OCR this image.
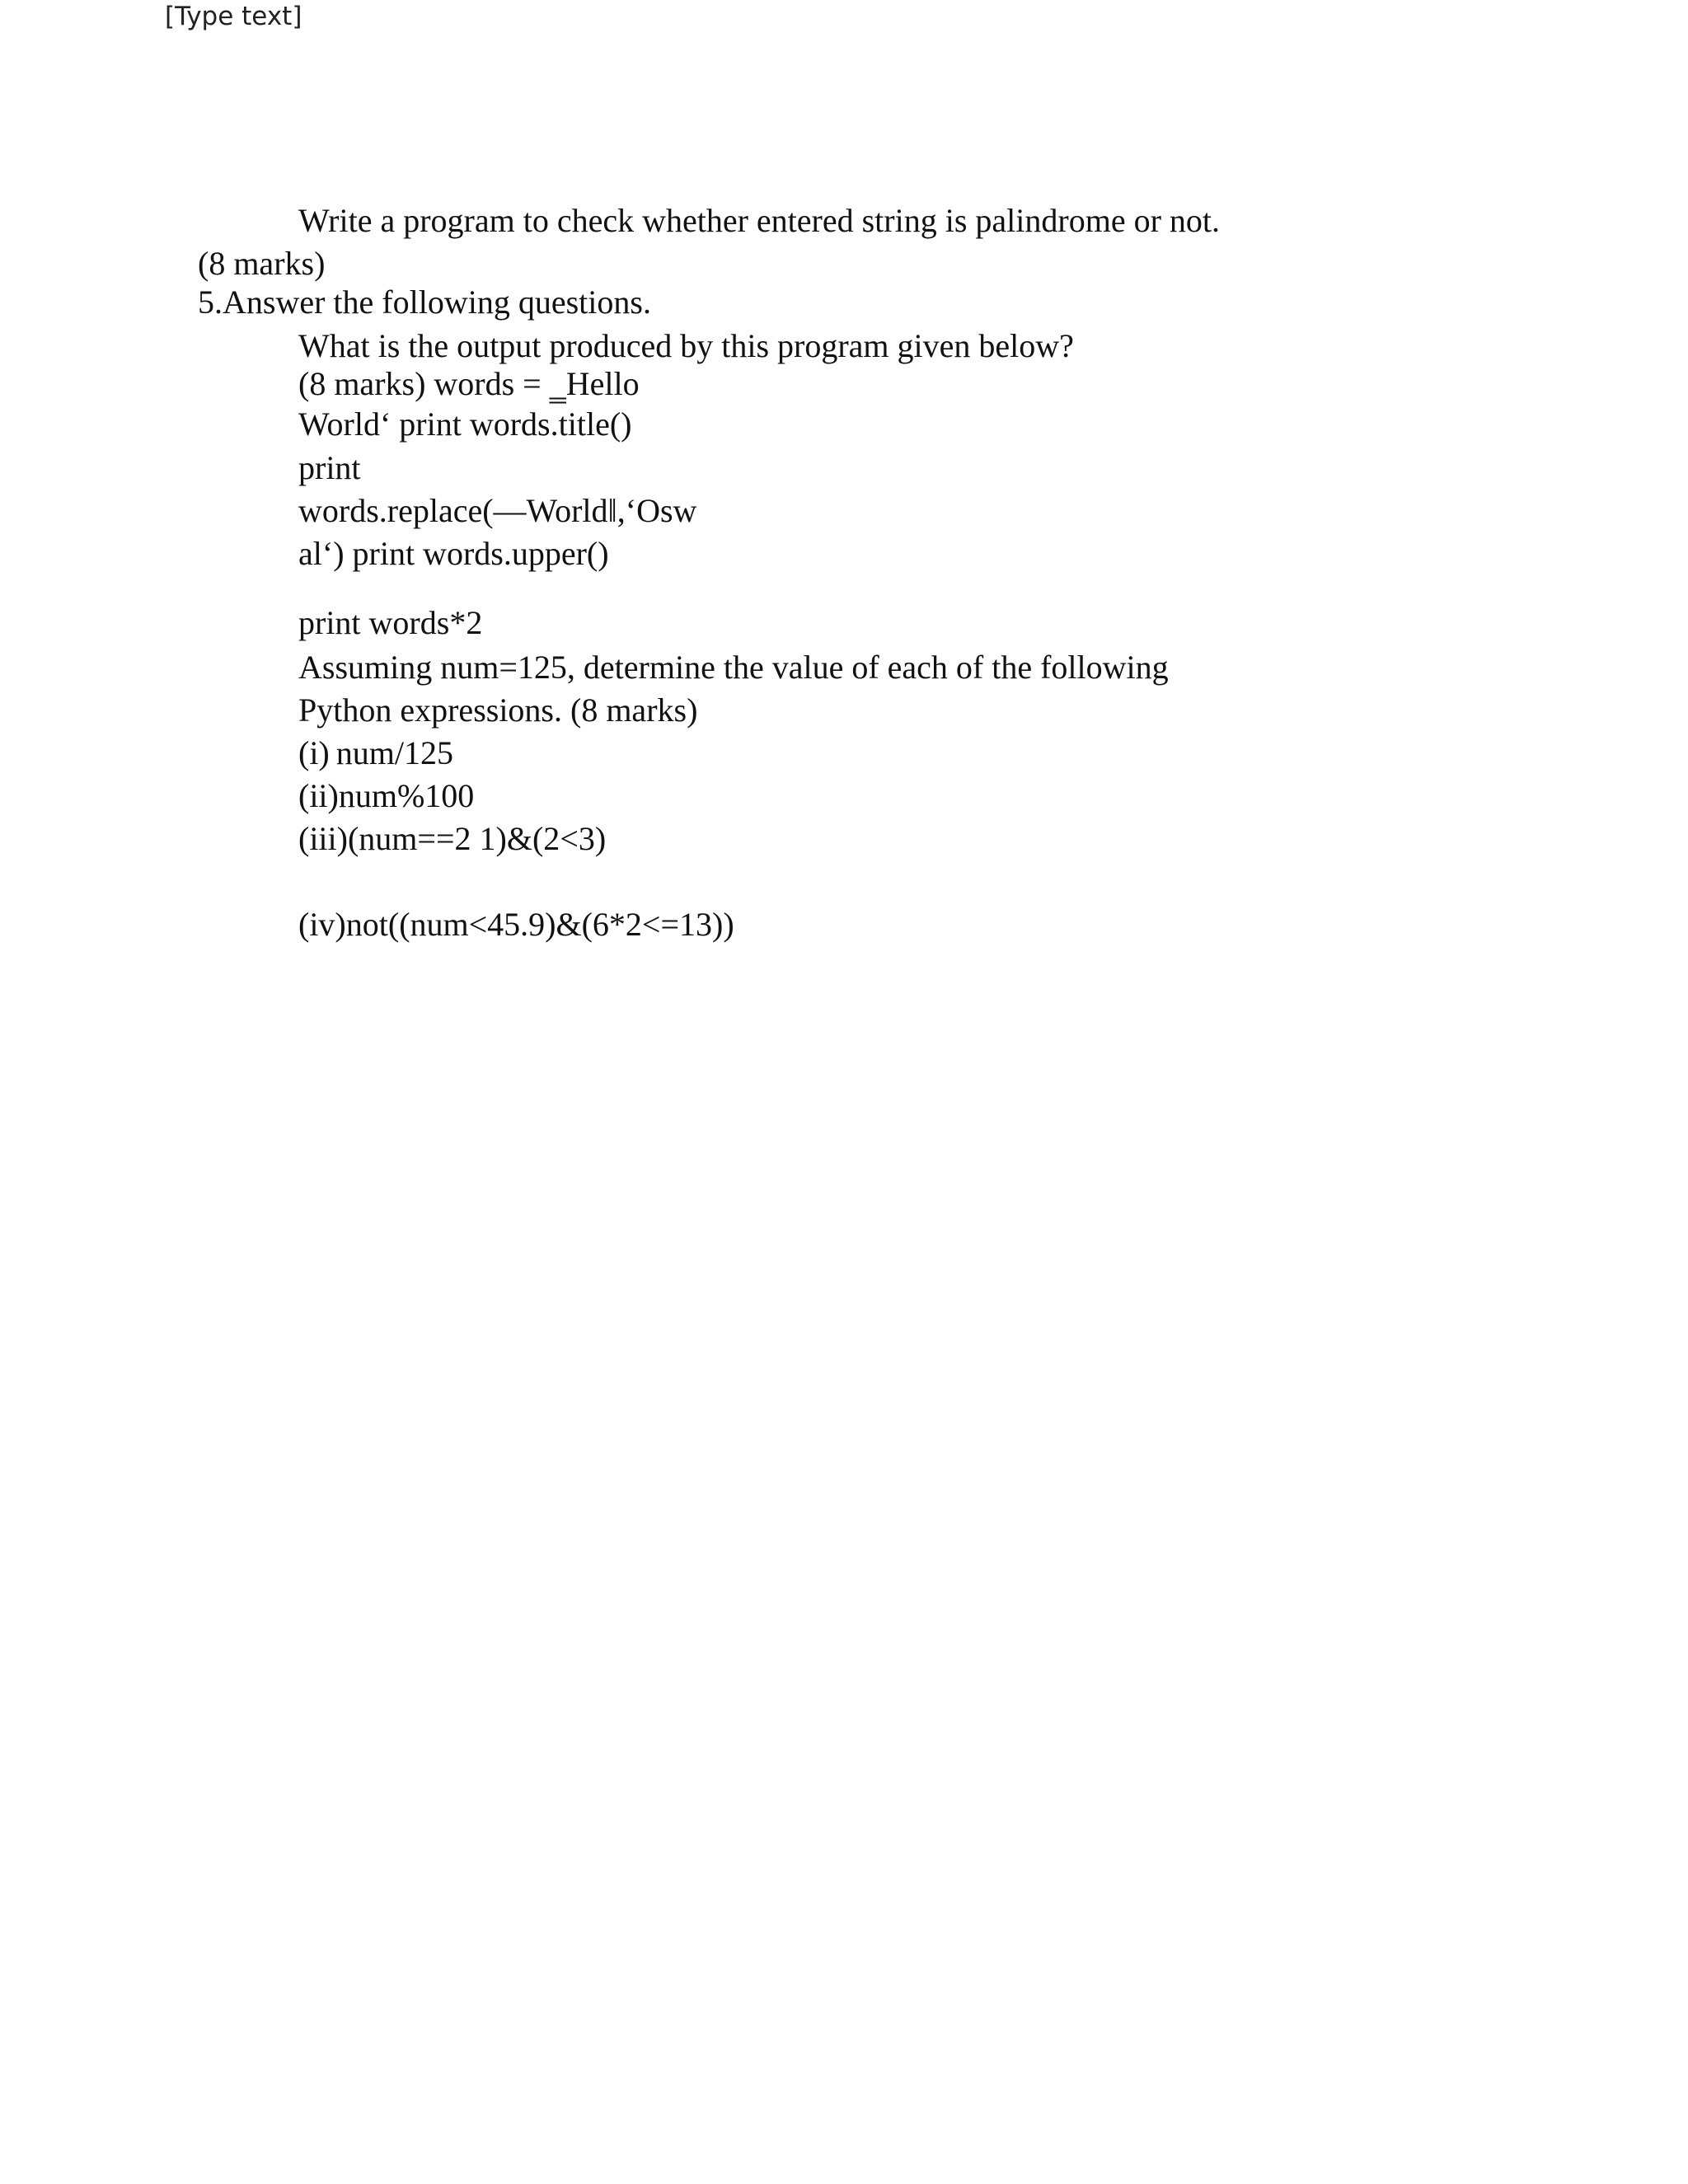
[Type text]
Write a program to check whether entered string is palindrome or not.
(8 marks)
5.Answer the following questions.
What is the output produced by this program given below?
(8 marks) words = ‗Hello
World‘ print words.title()
print
words.replace(—World‖,‘Osw
al‘) print words.upper()
print words*2
Assuming num=125, determine the value of each of the following
Python expressions. (8 marks)
(i) num/125
(ii)num%100
(iii)(num==2 1)&(2<3)
(iv)not((num<45.9)&(6*2<=13))
